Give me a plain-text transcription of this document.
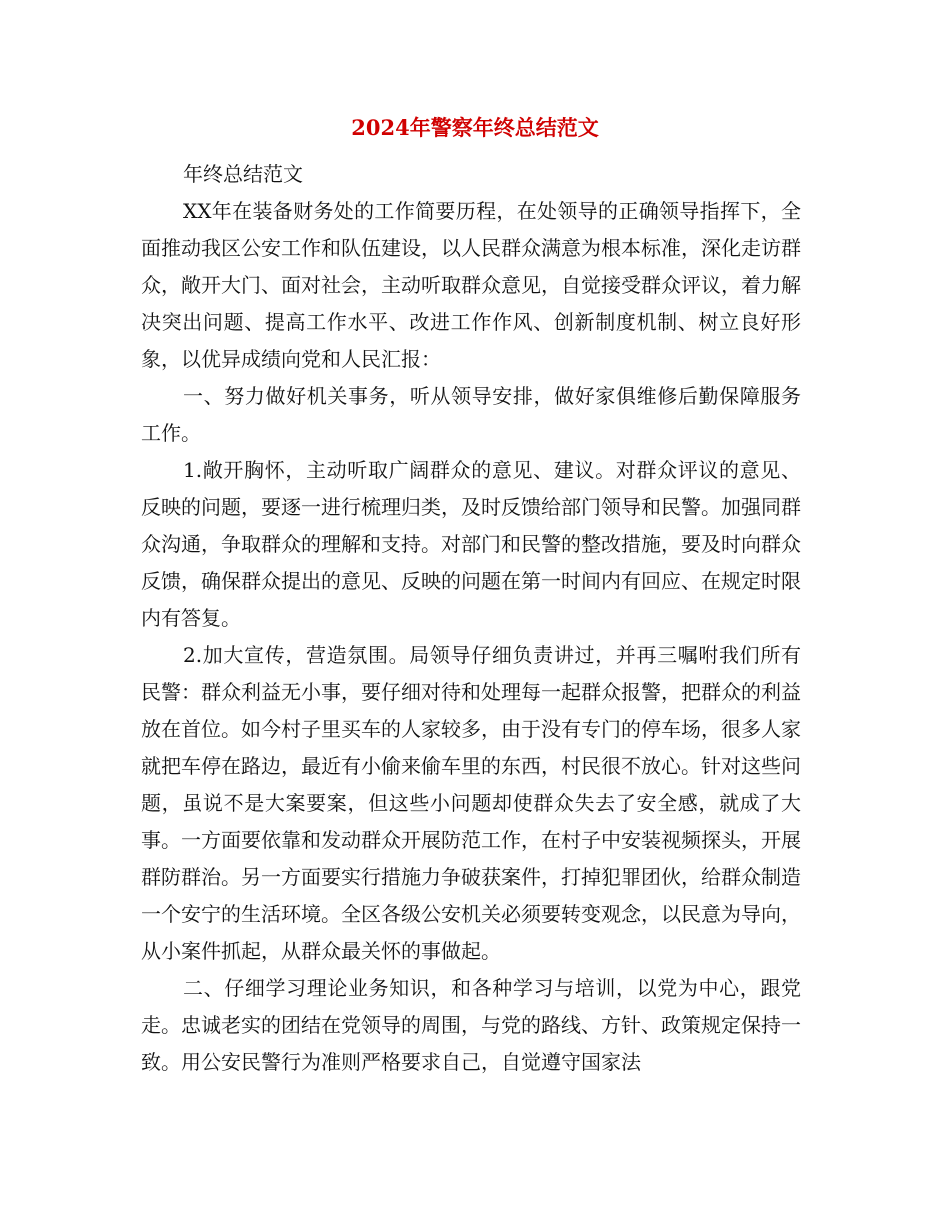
2024年警察年终总结范文

年终总结范文

XX年在装备财务处的工作简要历程，在处领导的正确领导指挥下，全面推动我区公安工作和队伍建设，以人民群众满意为根本标准，深化走访群众，敞开大门、面对社会，主动听取群众意见，自觉接受群众评议，着力解决突出问题、提高工作水平、改进工作作风、创新制度机制、树立良好形象，以优异成绩向党和人民汇报：

一、努力做好机关事务，听从领导安排，做好家俱维修后勤保障服务工作。

1.敞开胸怀，主动听取广阔群众的意见、建议。对群众评议的意见、反映的问题，要逐一进行梳理归类，及时反馈给部门领导和民警。加强同群众沟通，争取群众的理解和支持。对部门和民警的整改措施，要及时向群众反馈，确保群众提出的意见、反映的问题在第一时间内有回应、在规定时限内有答复。

2.加大宣传，营造氛围。局领导仔细负责讲过，并再三嘱咐我们所有民警：群众利益无小事，要仔细对待和处理每一起群众报警，把群众的利益放在首位。如今村子里买车的人家较多，由于没有专门的停车场，很多人家就把车停在路边，最近有小偷来偷车里的东西，村民很不放心。针对这些问题，虽说不是大案要案，但这些小问题却使群众失去了安全感，就成了大事。一方面要依靠和发动群众开展防范工作，在村子中安装视频探头，开展群防群治。另一方面要实行措施力争破获案件，打掉犯罪团伙，给群众制造一个安宁的生活环境。全区各级公安机关必须要转变观念，以民意为导向，从小案件抓起，从群众最关怀的事做起。

二、仔细学习理论业务知识，和各种学习与培训，以党为中心，跟党走。忠诚老实的团结在党领导的周围，与党的路线、方针、政策规定保持一致。用公安民警行为准则严格要求自己，自觉遵守国家法
